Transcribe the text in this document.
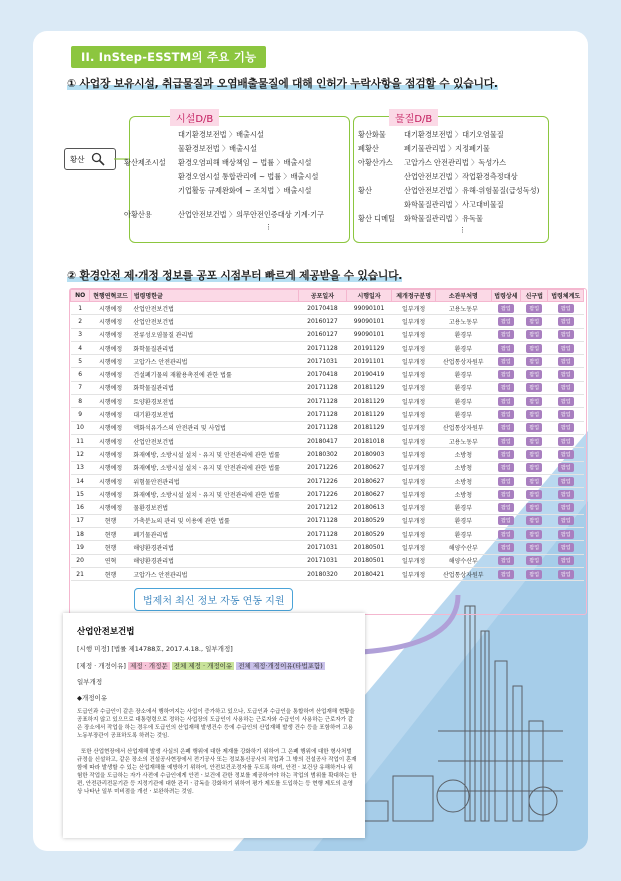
II. InStep-ESSTM의 주요 기능
① 사업장 보유시설, 취급물질과 오염배출물질에 대해 인허가 누락사항을 점검할 수 있습니다.
황산
시설D/B
대기환경보전법 〉배출시설
물환경보전법 〉배출시설
황산제조시설 환경오염피해 배상책임 ~ 법률 〉배출시설
환경오염시설 통합관리에 ~ 법률 〉배출시설
기업활동 규제완화에 ~ 조치법 〉배출시설
아황산용	산업안전보건법 〉의무안전인증대상 기계·기구
⋮
물질D/B
황산화물	대기환경보전법 〉대기오염물질
폐황산	폐기물관리법 〉지정폐기물
아황산가스 고압가스 안전관리법 〉독성가스
산업안전보건법 〉작업환경측정대상
황산	산업안전보건법 〉유해·위험물질(급성독성)
화학물질관리법 〉사고대비물질
황산 디메틸 화학물질관리법 〉유독물
⋮
② 환경안전 제·개정 정보를 공포 시점부터 빠르게 제공받을 수 있습니다.
NO	현행연혁코드	법령명한글	공포일자	시행일자	제개정구분명	소관부처명	법령상세	신구법	법령체계도
1	시행예정	산업안전보건법	20170418	99090101	일부개정	고용노동부	팝업	팝업	팝업
2	시행예정	산업안전보건법	20160127	99090101	일부개정	고용노동부	팝업	팝업	팝업
3	시행예정	잔류성오염물질 관리법	20160127	99090101	일부개정	환경부	팝업	팝업	팝업
4	시행예정	화학물질관리법	20171128	20191129	일부개정	환경부	팝업	팝업	팝업
5	시행예정	고압가스 안전관리법	20171031	20191101	일부개정	산업통상자원부	팝업	팝업	팝업
6	시행예정	건설폐기물의 재활용촉진에 관한 법률	20170418	20190419	일부개정	환경부	팝업	팝업	팝업
7	시행예정	화학물질관리법	20171128	20181129	일부개정	환경부	팝업	팝업	팝업
8	시행예정	토양환경보전법	20171128	20181129	일부개정	환경부	팝업	팝업	팝업
9	시행예정	대기환경보전법	20171128	20181129	일부개정	환경부	팝업	팝업	팝업
10	시행예정	액화석유가스의 안전관리 및 사업법	20171128	20181129	일부개정	산업통상자원부	팝업	팝업	팝업
11	시행예정	산업안전보건법	20180417	20181018	일부개정	고용노동부	팝업	팝업	팝업
12	시행예정	화재예방, 소방시설 설치ㆍ유지 및 안전관리에 관한 법률	20180302	20180903	일부개정	소방청	팝업	팝업	팝업
13	시행예정	화재예방, 소방시설 설치ㆍ유지 및 안전관리에 관한 법률	20171226	20180627	일부개정	소방청	팝업	팝업	팝업
14	시행예정	위험물안전관리법	20171226	20180627	일부개정	소방청	팝업	팝업	팝업
15	시행예정	화재예방, 소방시설 설치ㆍ유지 및 안전관리에 관한 법률	20171226	20180627	일부개정	소방청	팝업	팝업	팝업
16	시행예정	물환경보전법	20171212	20180613	일부개정	환경부	팝업	팝업	팝업
17	현행	가축분뇨의 관리 및 이용에 관한 법률	20171128	20180529	일부개정	환경부	팝업	팝업	팝업
18	현행	폐기물관리법	20171128	20180529	일부개정	환경부	팝업	팝업	팝업
19	현행	해양환경관리법	20171031	20180501	일부개정	해양수산부	팝업	팝업	팝업
20	연혁	해양환경관리법	20171031	20180501	일부개정	해양수산부	팝업	팝업	팝업
21	현행	고압가스 안전관리법	20180320	20180421	일부개정	산업통상자원부	팝업	팝업	팝업
법제처 최신 정보 자동 연동 지원
산업안전보건법
[시행 미정] [법률 제14788호, 2017.4.18., 일부개정]
[제정 · 개정이유] 제정 · 개정문 전체 제정 · 개정이유 전체 제정·개정이유(타법포함)
일부개정
◆개정이유
도급인과 수급인이 같은 장소에서 행하여지는 사업이 증가하고 있으나, 도급인과 수급인을 통합하여 산업재해 현황을 공표하지 않고 있으므로 대통령령으로 정하는 사업장의 도급인이 사용하는 근로자와 수급인이 사용하는 근로자가 같은 장소에서 작업을 하는 경우에 도급인의 산업재해 발생건수 등에 수급인의 산업재해 발생 건수 등을 포함하여 고용노동부장관이 공표하도록 하려는 것임.
또한 산업현장에서 산업재해 발생 사실의 은폐 행위에 대한 제재를 강화하기 위하여 그 은폐 행위에 대한 형사처벌 규정을 신설하고, 같은 장소의 건설공사현장에서 전기공사 또는 정보통신공사의 작업과 그 밖의 건설공사 작업이 혼재함에 따라 발생할 수 있는 산업재해를 예방하기 위하여, 안전보건조정자를 두도록 하며, 안전ㆍ보건상 유해하거나 위험한 작업을 도급하는 자가 사전에 수급인에게 안전ㆍ보건에 관한 정보를 제공하여야 하는 작업의 범위를 확대하는 한편, 안전관리전문기관 등 지정기관에 대한 관리ㆍ감독을 강화하기 위하여 평가 제도를 도입하는 등 현행 제도의 운영상 나타난 일부 미비점을 개선ㆍ보완하려는 것임.
